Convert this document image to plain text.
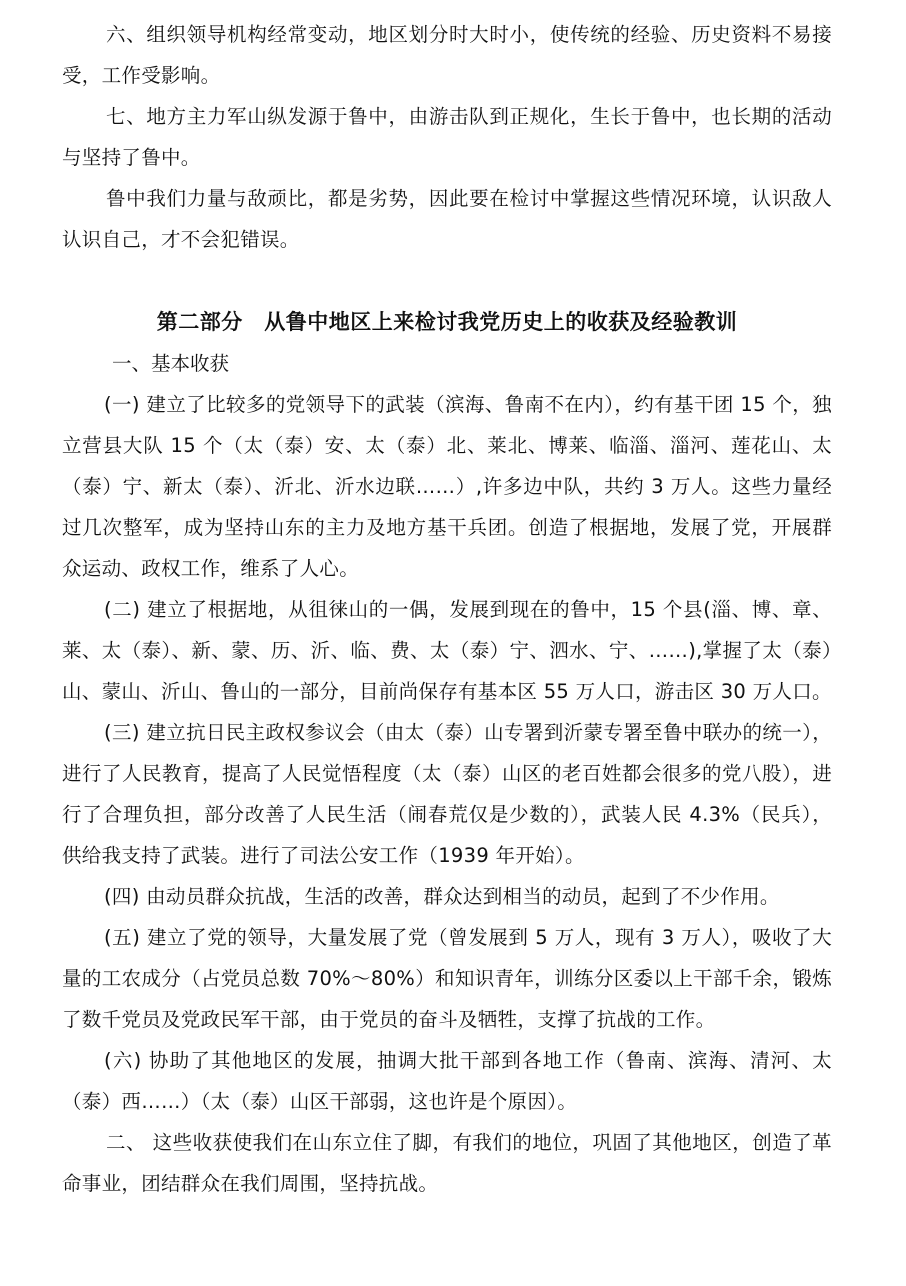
六、组织领导机构经常变动，地区划分时大时小，使传统的经验、历史资料不易接受，工作受影响。

七、地方主力军山纵发源于鲁中，由游击队到正规化，生长于鲁中，也长期的活动与坚持了鲁中。

鲁中我们力量与敌顽比，都是劣势，因此要在检讨中掌握这些情况环境，认识敌人认识自己，才不会犯错误。

第二部分　从鲁中地区上来检讨我党历史上的收获及经验教训

一、基本收获

(一) 建立了比较多的党领导下的武装（滨海、鲁南不在内），约有基干团 15 个，独立营县大队 15 个（太（泰）安、太（泰）北、莱北、博莱、临淄、淄河、莲花山、太（泰）宁、新太（泰）、沂北、沂水边联……）,许多边中队，共约 3 万人。这些力量经过几次整军，成为坚持山东的主力及地方基干兵团。创造了根据地，发展了党，开展群众运动、政权工作，维系了人心。

(二) 建立了根据地，从徂徕山的一偶，发展到现在的鲁中，15 个县(淄、博、章、莱、太（泰）、新、蒙、历、沂、临、费、太（泰）宁、泗水、宁、……),掌握了太（泰）山、蒙山、沂山、鲁山的一部分，目前尚保存有基本区 55 万人口，游击区 30 万人口。

(三) 建立抗日民主政权参议会（由太（泰）山专署到沂蒙专署至鲁中联办的统一），进行了人民教育，提高了人民觉悟程度（太（泰）山区的老百姓都会很多的党八股），进行了合理负担，部分改善了人民生活（闹春荒仅是少数的），武装人民 4.3%（民兵），供给我支持了武装。进行了司法公安工作（1939 年开始）。

(四) 由动员群众抗战，生活的改善，群众达到相当的动员，起到了不少作用。

(五) 建立了党的领导，大量发展了党（曾发展到 5 万人，现有 3 万人），吸收了大量的工农成分（占党员总数 70%～80%）和知识青年，训练分区委以上干部千余，锻炼了数千党员及党政民军干部，由于党员的奋斗及牺牲，支撑了抗战的工作。

(六) 协助了其他地区的发展，抽调大批干部到各地工作（鲁南、滨海、清河、太（泰）西……）（太（泰）山区干部弱，这也许是个原因）。

二、 这些收获使我们在山东立住了脚，有我们的地位，巩固了其他地区，创造了革命事业，团结群众在我们周围，坚持抗战。
